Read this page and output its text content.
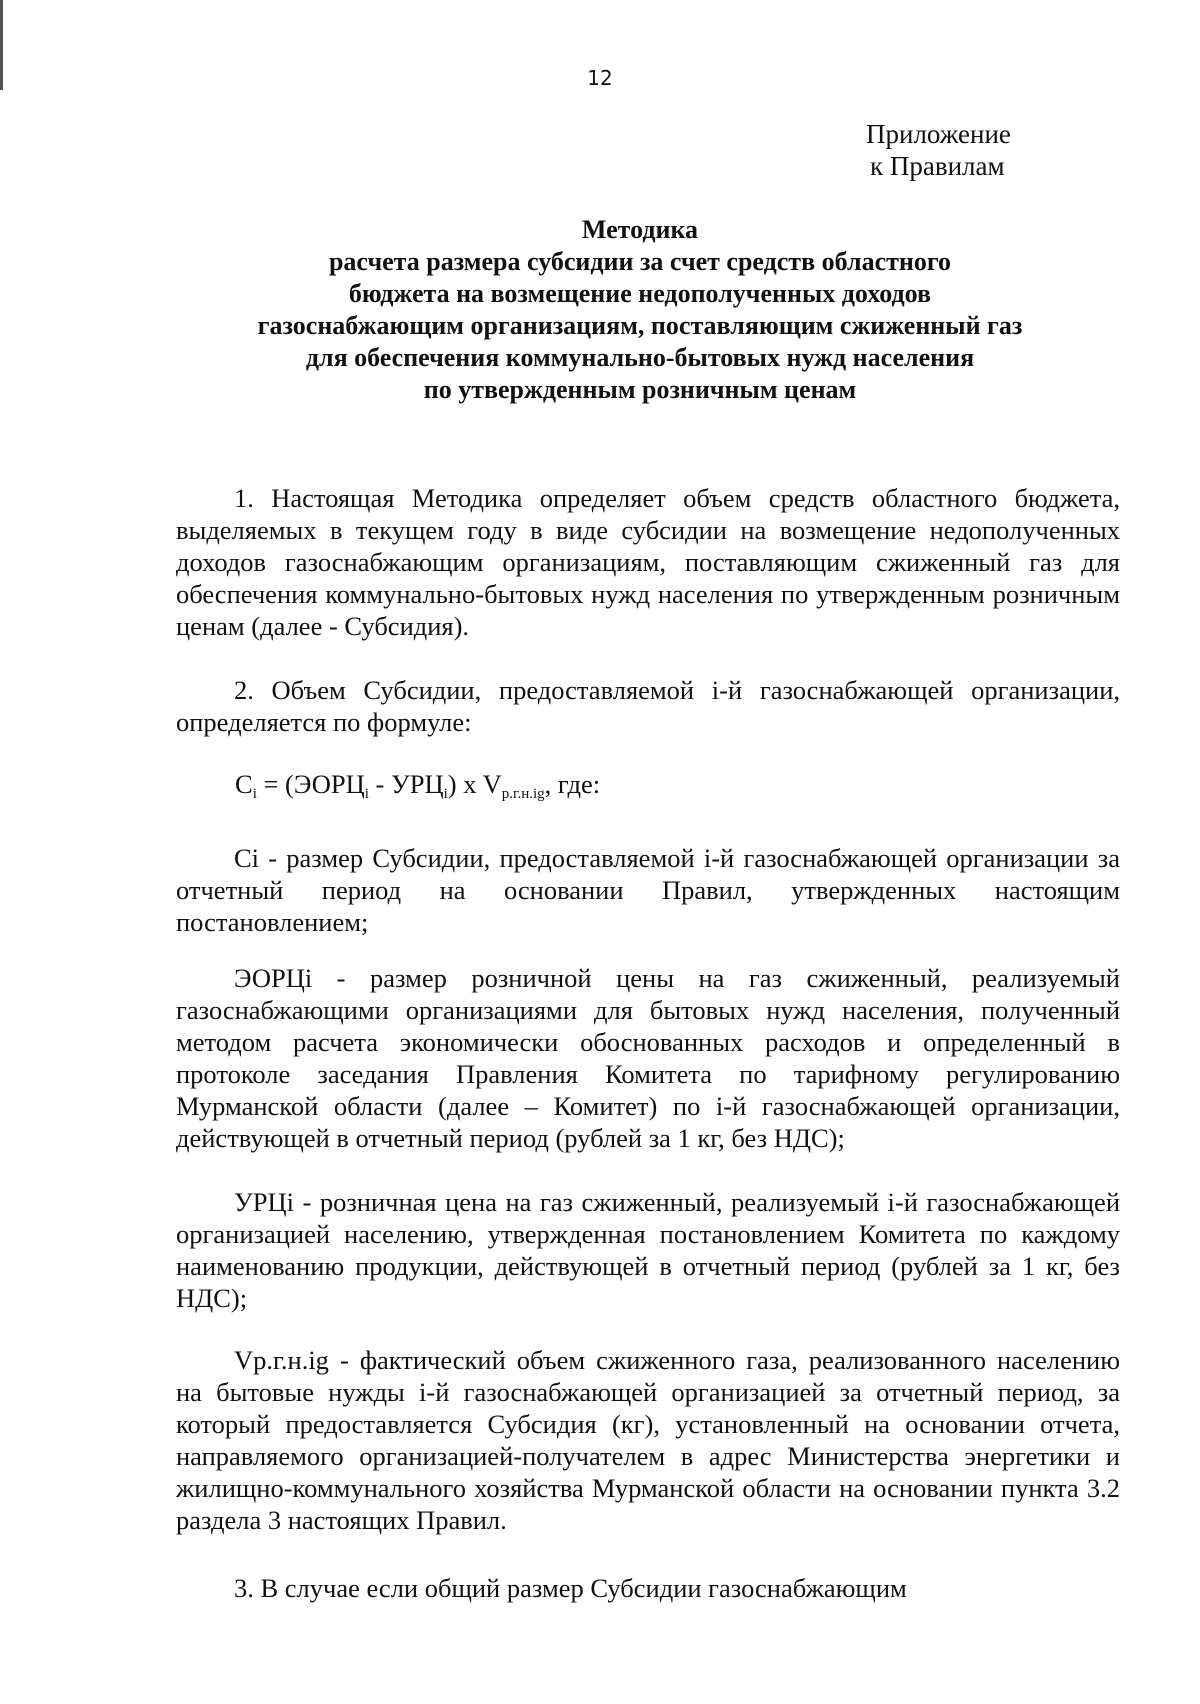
12
Приложение
к Правилам
Методика
расчета размера субсидии за счет средств областного
бюджета на возмещение недополученных доходов
газоснабжающим организациям, поставляющим сжиженный газ
для обеспечения коммунально-бытовых нужд населения
по утвержденным розничным ценам
1. Настоящая Методика определяет объем средств областного бюджета, выделяемых в текущем году в виде субсидии на возмещение недополученных доходов газоснабжающим организациям, поставляющим сжиженный газ для обеспечения коммунально-бытовых нужд населения по утвержденным розничным ценам (далее - Субсидия).
2. Объем Субсидии, предоставляемой i-й газоснабжающей организации, определяется по формуле:
$C_i$ = $(ЭОРЦ_i - УРЦ_i)$ x $V_{р.г.н.ig}$, где:
Ci - размер Субсидии, предоставляемой i-й газоснабжающей организации за отчетный период на основании Правил, утвержденных настоящим постановлением;
ЭОРЦi - размер розничной цены на газ сжиженный, реализуемый газоснабжающими организациями для бытовых нужд населения, полученный методом расчета экономически обоснованных расходов и определенный в протоколе заседания Правления Комитета по тарифному регулированию Мурманской области (далее – Комитет) по i-й газоснабжающей организации, действующей в отчетный период (рублей за 1 кг, без НДС);
УРЦi - розничная цена на газ сжиженный, реализуемый i-й газоснабжающей организацией населению, утвержденная постановлением Комитета по каждому наименованию продукции, действующей в отчетный период (рублей за 1 кг, без НДС);
Vр.г.н.ig - фактический объем сжиженного газа, реализованного населению на бытовые нужды i-й газоснабжающей организацией за отчетный период, за который предоставляется Субсидия (кг), установленный на основании отчета, направляемого организацией-получателем в адрес Министерства энергетики и жилищно-коммунального хозяйства Мурманской области на основании пункта 3.2 раздела 3 настоящих Правил.
3. В случае если общий размер Субсидии газоснабжающим
